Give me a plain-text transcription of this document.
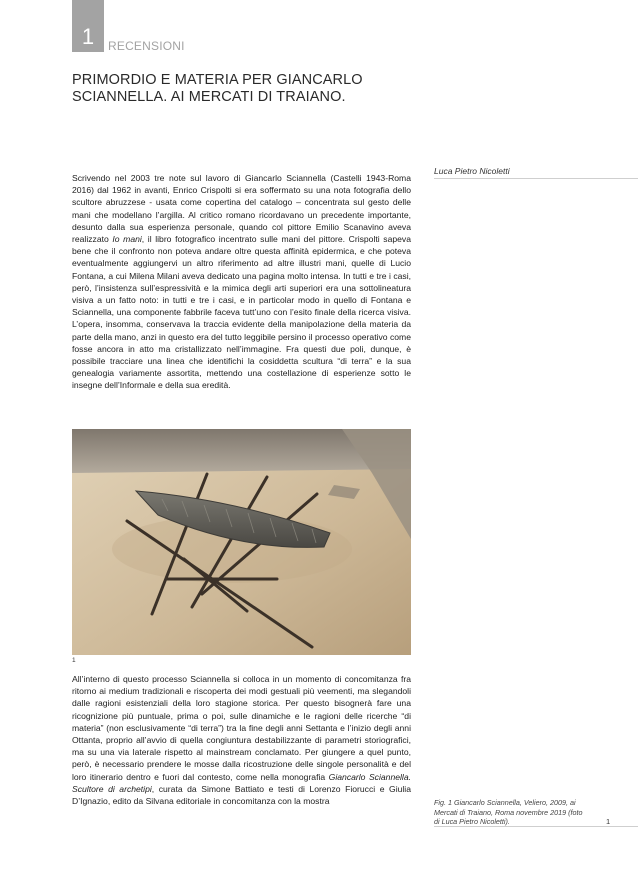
1	RECENSIONI
PRIMORDIO E MATERIA PER GIANCARLO SCIANNELLA. AI MERCATI DI TRAIANO.
Luca Pietro Nicoletti

Scrivendo nel 2003 tre note sul lavoro di Giancarlo Sciannella (Castelli 1943-Roma 2016) dal 1962 in avanti, Enrico Crispolti si era soffermato su una nota fotografia dello scultore abruzzese - usata come copertina del catalogo – concentrata sul gesto delle mani che modellano l’argilla. Al critico romano ricordavano un precedente importante, desunto dalla sua esperienza personale, quando col pittore Emilio Scanavino aveva realizzato Io mani, il libro fotografico incentrato sulle mani del pittore. Crispolti sapeva bene che il confronto non poteva andare oltre questa affinità epidermica, e che poteva eventualmente aggiungervi un altro riferimento ad altre illustri mani, quelle di Lucio Fontana, a cui Milena Milani aveva dedicato una pagina molto intensa. In tutti e tre i casi, però, l’insistenza sull’espressività e la mimica degli arti superiori era una sottolineatura visiva a un fatto noto: in tutti e tre i casi, e in particolar modo in quello di Fontana e Sciannella, una componente fabbrile faceva tutt’uno con l’esito finale della ricerca visiva. L’opera, insomma, conservava la traccia evidente della manipolazione della materia da parte della mano, anzi in questo era del tutto leggibile persino il processo operativo come fosse ancora in atto ma cristallizzato nell’immagine. Fra questi due poli, dunque, è possibile tracciare una linea che identifichi la cosiddetta scultura “di terra” e la sua genealogia variamente assortita, mettendo una costellazione di esperienze sotto le insegne dell’Informale e della sua eredità.

1

All’interno di questo processo Sciannella si colloca in un momento di concomitanza fra ritorno ai medium tradizionali e riscoperta dei modi gestuali più veementi, ma slegandoli dalle ragioni esistenziali della loro stagione storica. Per questo bisognerà fare una ricognizione più puntuale, prima o poi, sulle dinamiche e le ragioni delle ricerche “di materia” (non esclusivamente “di terra”) tra la fine degli anni Settanta e l’inizio degli anni Ottanta, proprio all’avvio di quella congiuntura destabilizzante di parametri storiografici, ma su una via laterale rispetto al mainstream conclamato. Per giungere a quel punto, però, è necessario prendere le mosse dalla ricostruzione delle singole personalità e del loro itinerario dentro e fuori dal contesto, come nella monografia Giancarlo Sciannella. Scultore di archetipi, curata da Simone Battiato e testi di Lorenzo Fiorucci e Giulia D’Ignazio, edito da Silvana editoriale in concomitanza con la mostra	Fig. 1 Giancarlo Sciannella, Veliero, 2009, ai Mercati di Traiano, Roma novembre 2019 (foto di Luca Pietro Nicoletti).	1
